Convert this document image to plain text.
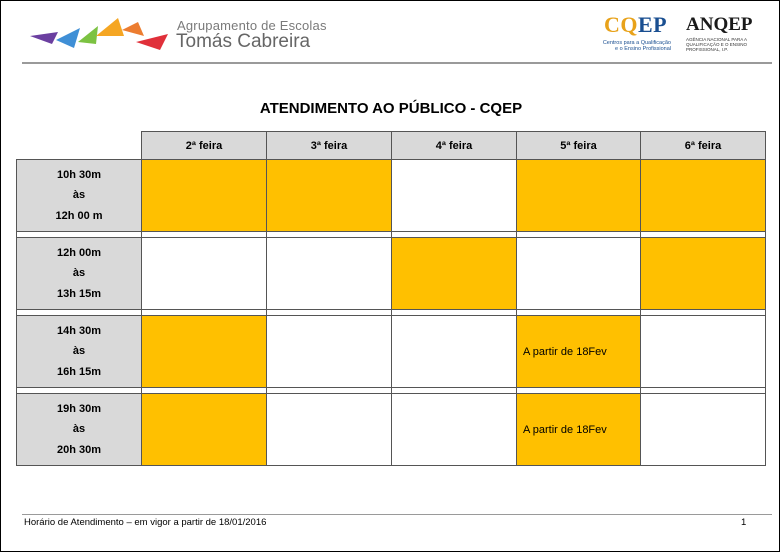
Agrupamento de Escolas
Tomás Cabreira
CQEP
Centros para a Qualificação e o Ensino Profissional
ANQEP
AGÊNCIA NACIONAL PARA A QUALIFICAÇÃO E O ENSINO PROFISSIONAL, I.P.
ATENDIMENTO AO PÚBLICO - CQEP
	2ª feira	3ª feira	4ª feira	5ª feira	6ª feira

10h 30m
às
12h 00 m					

12h 00m
às
13h 15m					

14h 30m
às
16h 15m				A partir de 18Fev	

19h 30m
às
20h 30m				A partir de 18Fev	
Horário de Atendimento – em vigor a partir de 18/01/2016	1
